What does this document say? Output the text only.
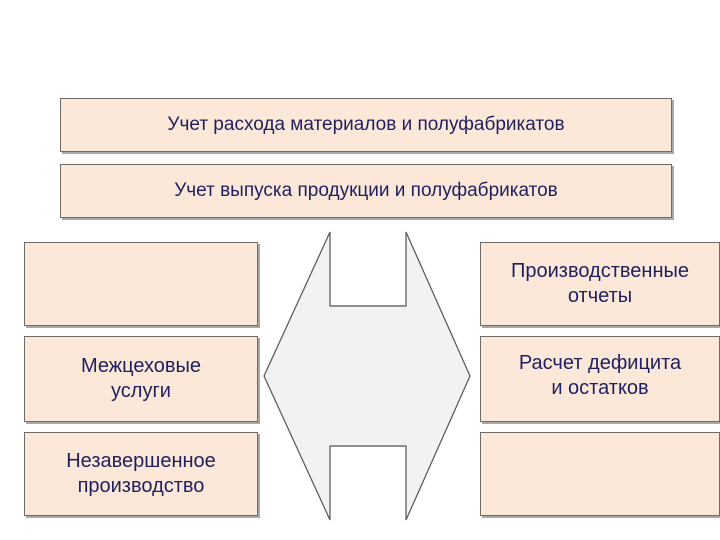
Учет расхода материалов и полуфабрикатов
Учет выпуска продукции и полуфабрикатов
Межцеховые
услуги
Незавершенное
производство
Производственные
отчеты
Расчет дефицита
и остатков
